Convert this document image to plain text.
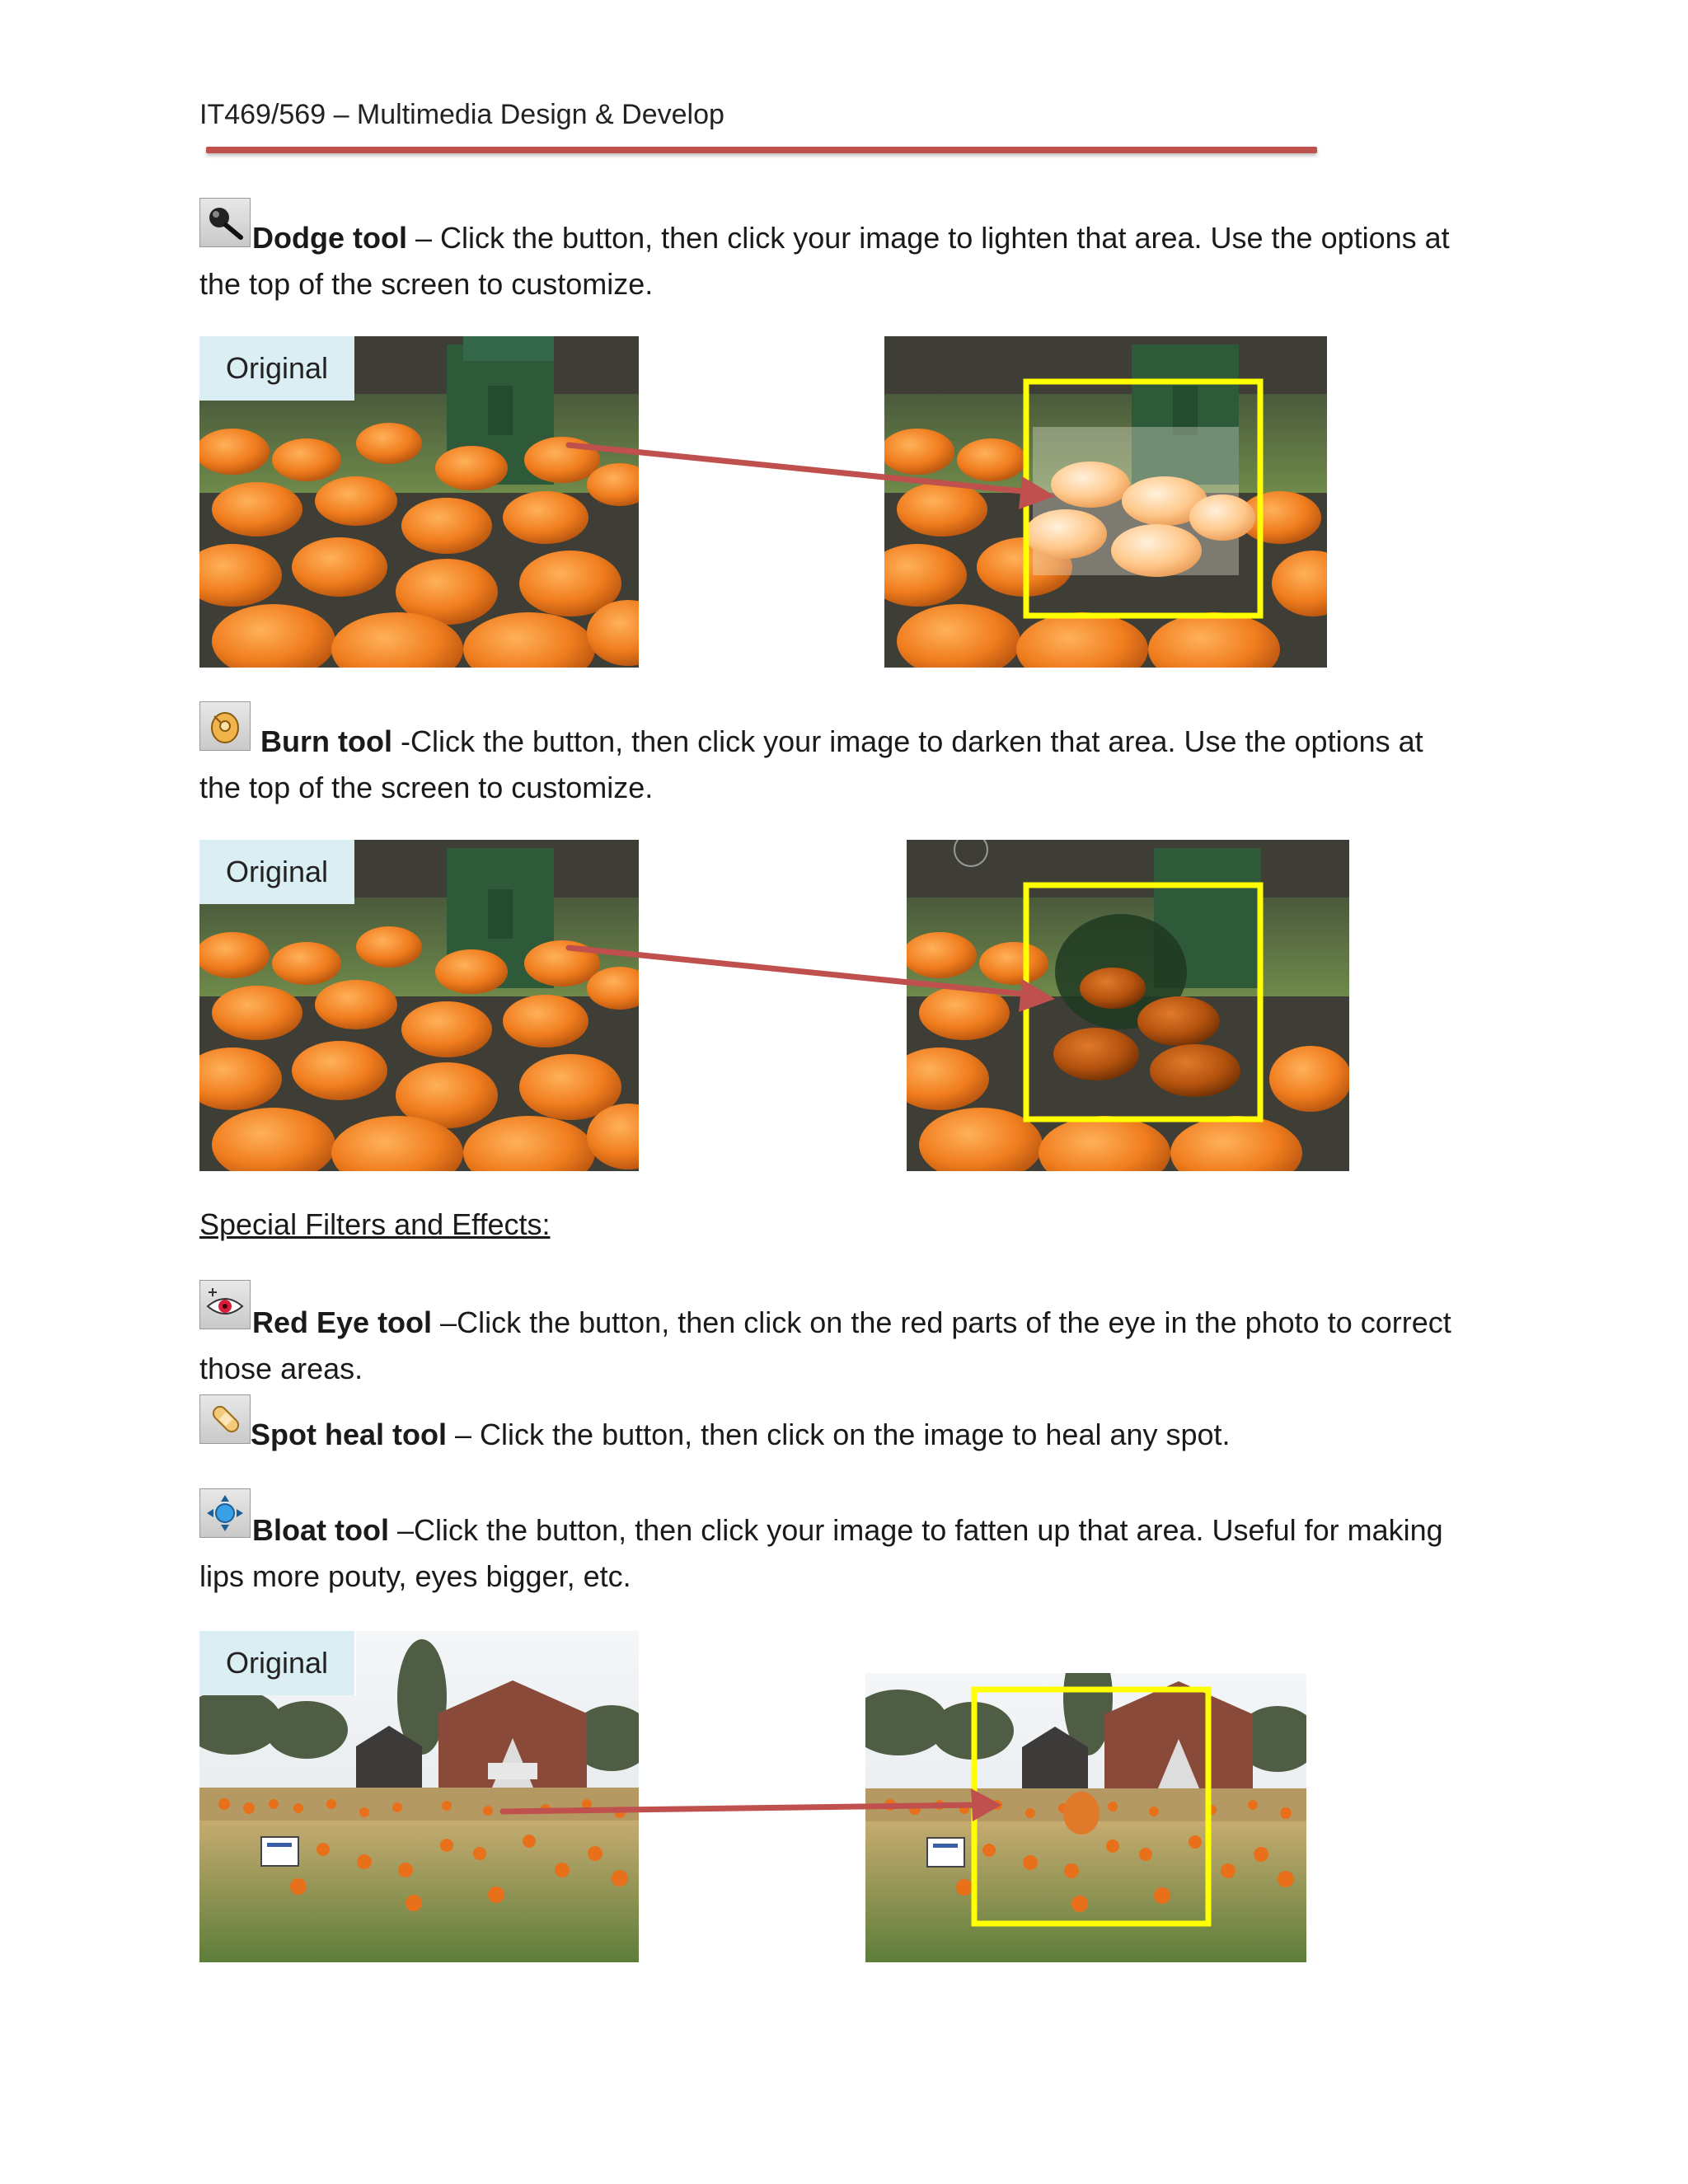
IT469/569 – Multimedia Design & Develop
Dodge tool – Click the button, then click your image to lighten that area. Use the options at
the top of the screen to customize.
Original
Burn tool -Click the button, then click your image to darken that area. Use the options at
the top of the screen to customize.
Original
Special Filters and Effects:
Red Eye tool –Click the button, then click on the red parts of the eye in the photo to correct
those areas.
Spot heal tool – Click the button, then click on the image to heal any spot.
Bloat tool –Click the button, then click your image to fatten up that area. Useful for making
lips more pouty, eyes bigger, etc.
Original
